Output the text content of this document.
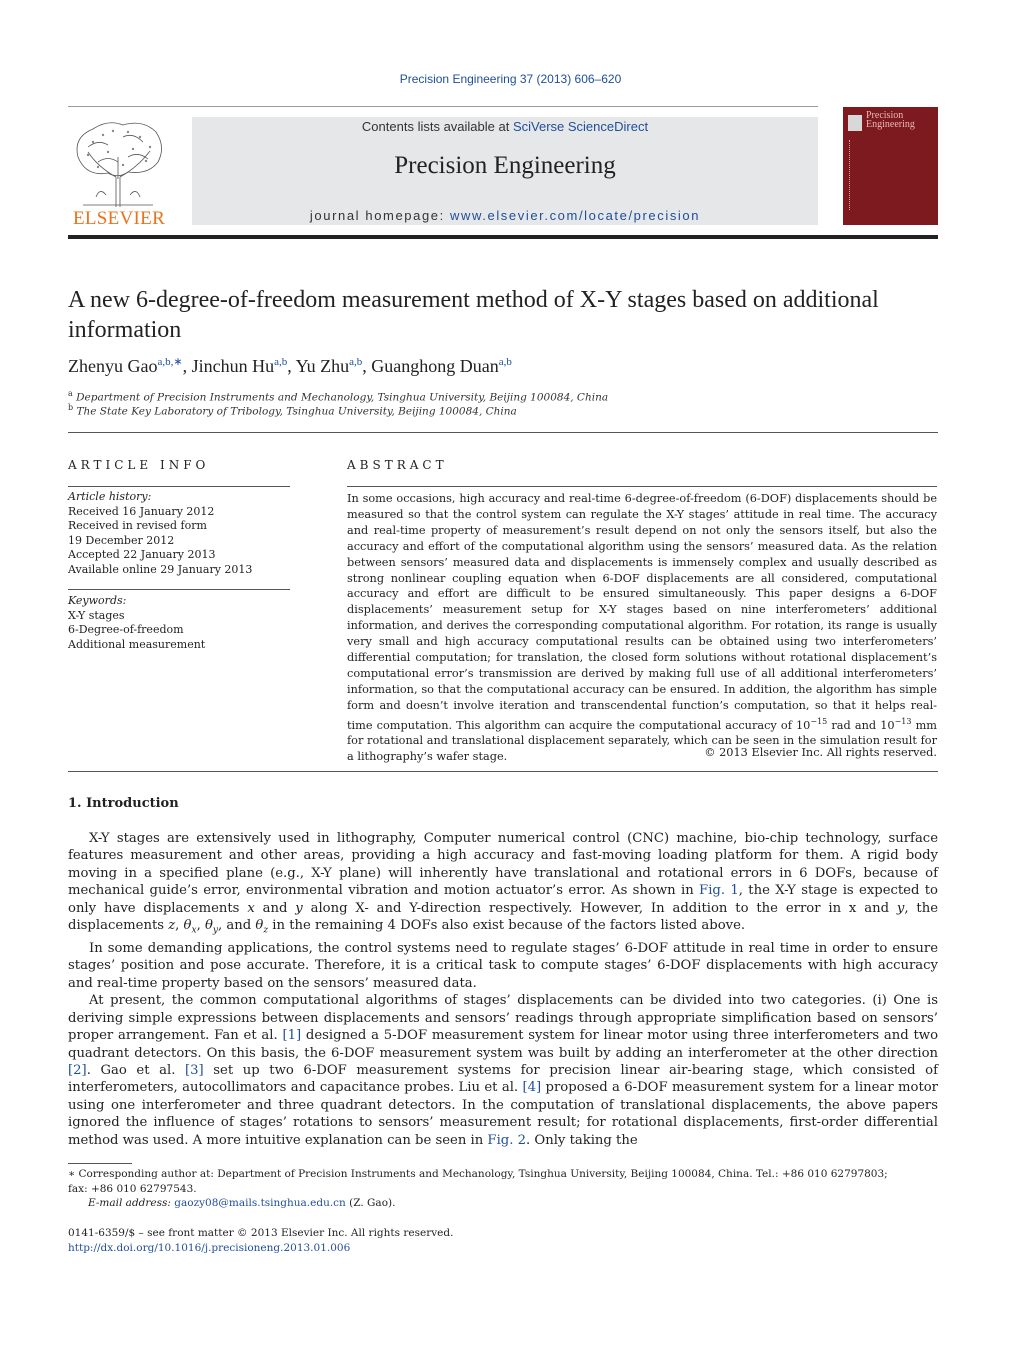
Precision Engineering 37 (2013) 606–620
ELSEVIER
Contents lists available at SciVerse ScienceDirect
Precision Engineering
journal homepage: www.elsevier.com/locate/precision
Precision
Engineering
A new 6-degree-of-freedom measurement method of X-Y stages based on additional information
Zhenyu Gao$^{a,b,∗}$, Jinchun Hu$^{a,b}$, Yu Zhu$^{a,b}$, Guanghong Duan$^{a,b}$
$^a$ Department of Precision Instruments and Mechanology, Tsinghua University, Beijing 100084, China
$^b$ The State Key Laboratory of Tribology, Tsinghua University, Beijing 100084, China
ARTICLE INFO
Article history:
Received 16 January 2012
Received in revised form
19 December 2012
Accepted 22 January 2013
Available online 29 January 2013
Keywords:
X-Y stages
6-Degree-of-freedom
Additional measurement
ABSTRACT
In some occasions, high accuracy and real-time 6-degree-of-freedom (6-DOF) displacements should be measured so that the control system can regulate the X-Y stages’ attitude in real time. The accuracy and real-time property of measurement’s result depend on not only the sensors itself, but also the accuracy and effort of the computational algorithm using the sensors’ measured data. As the relation between sensors’ measured data and displacements is immensely complex and usually described as strong nonlinear coupling equation when 6-DOF displacements are all considered, computational accuracy and effort are difficult to be ensured simultaneously. This paper designs a 6-DOF displacements’ measurement setup for X-Y stages based on nine interferometers’ additional information, and derives the corresponding computational algorithm. For rotation, its range is usually very small and high accuracy computational results can be obtained using two interferometers’ differential computation; for translation, the closed form solutions without rotational displacement’s computational error’s transmission are derived by making full use of all additional interferometers’ information, so that the computational accuracy can be ensured. In addition, the algorithm has simple form and doesn’t involve iteration and transcendental function’s computation, so that it helps real-time computation. This algorithm can acquire the computational accuracy of $10^{-15}$ rad and $10^{-13}$ mm for rotational and translational displacement separately, which can be seen in the simulation result for a lithography’s wafer stage.	© 2013 Elsevier Inc. All rights reserved.
1. Introduction

X-Y stages are extensively used in lithography, Computer numerical control (CNC) machine, bio-chip technology, surface features measurement and other areas, providing a high accuracy and fast-moving loading platform for them. A rigid body moving in a specified plane (e.g., X-Y plane) will inherently have translational and rotational errors in 6 DOFs, because of mechanical guide’s error, environmental vibration and motion actuator’s error. As shown in Fig. 1, the X-Y stage is expected to only have displacements x and y along X- and Y-direction respectively. However, In addition to the error in x and y, the displacements z, $\theta_x$, $\theta_y$, and $\theta_z$ in the remaining 4 DOFs also exist because of the factors listed above.

In some demanding applications, the control systems need to regulate stages’ 6-DOF attitude in real time in order to ensure stages’ position and pose accurate. Therefore, it is a critical task to compute stages’ 6-DOF displacements with high accuracy and real-time property based on the sensors’ measured data.

At present, the common computational algorithms of stages’ displacements can be divided into two categories. (i) One is deriving simple expressions between displacements and sensors’ readings through appropriate simplification based on sensors’ proper arrangement. Fan et al. [1] designed a 5-DOF measurement system for linear motor using three interferometers and two quadrant detectors. On this basis, the 6-DOF measurement system was built by adding an interferometer at the other direction [2]. Gao et al. [3] set up two 6-DOF measurement systems for precision linear air-bearing stage, which consisted of interferometers, autocollimators and capacitance probes. Liu et al. [4] proposed a 6-DOF measurement system for a linear motor using one interferometer and three quadrant detectors. In the computation of translational displacements, the above papers ignored the influence of stages’ rotations to sensors’ measurement result; for rotational displacements, first-order differential method was used. A more intuitive explanation can be seen in Fig. 2. Only taking the

∗ Corresponding author at: Department of Precision Instruments and Mechanology, Tsinghua University, Beijing 100084, China. Tel.: +86 010 62797803;
fax: +86 010 62797543.
E-mail address: gaozy08@mails.tsinghua.edu.cn (Z. Gao).
0141-6359/$ – see front matter © 2013 Elsevier Inc. All rights reserved.
http://dx.doi.org/10.1016/j.precisioneng.2013.01.006
